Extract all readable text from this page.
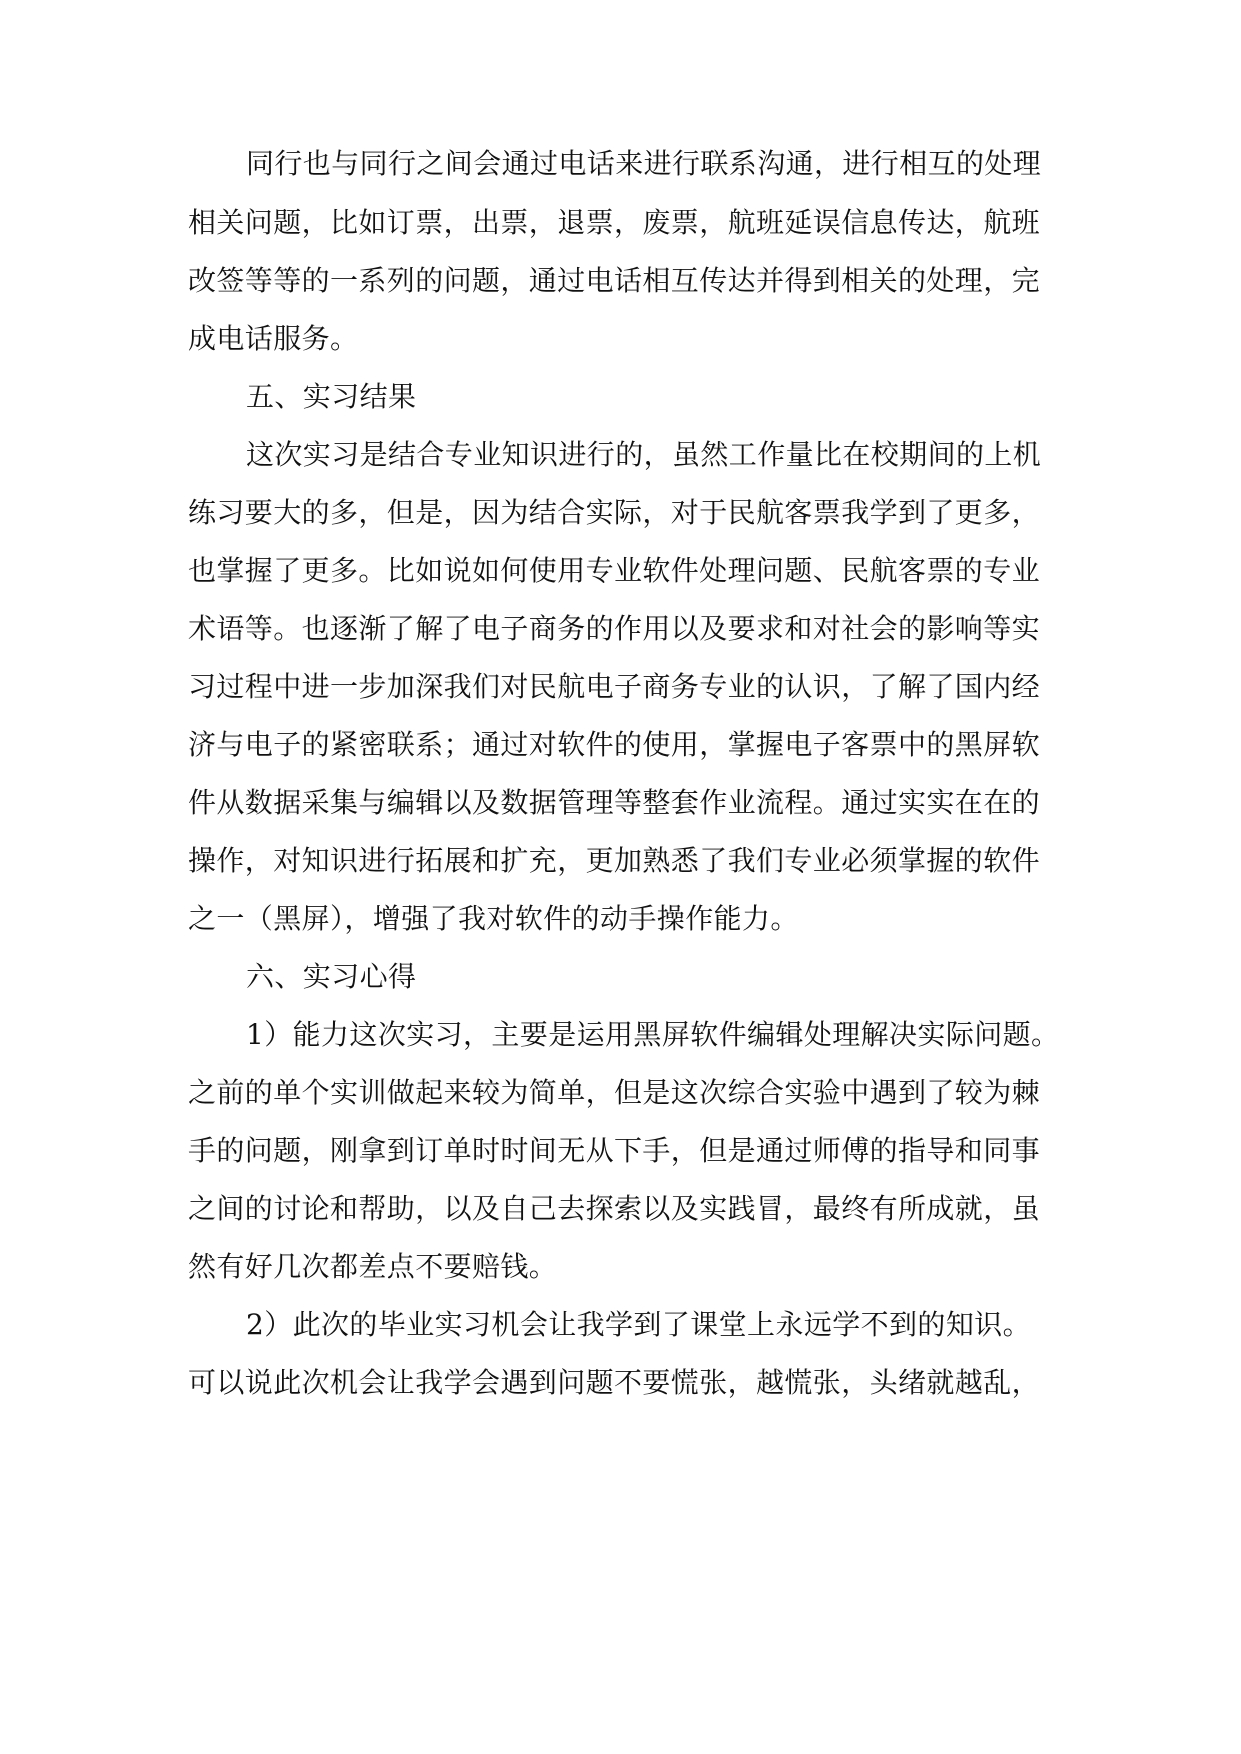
同行也与同行之间会通过电话来进行联系沟通，进行相互的处理
相关问题，比如订票，出票，退票，废票，航班延误信息传达，航班
改签等等的一系列的问题，通过电话相互传达并得到相关的处理，完
成电话服务。
五、实习结果
这次实习是结合专业知识进行的，虽然工作量比在校期间的上机
练习要大的多，但是，因为结合实际，对于民航客票我学到了更多，
也掌握了更多。比如说如何使用专业软件处理问题、民航客票的专业
术语等。也逐渐了解了电子商务的作用以及要求和对社会的影响等实
习过程中进一步加深我们对民航电子商务专业的认识，了解了国内经
济与电子的紧密联系；通过对软件的使用，掌握电子客票中的黑屏软
件从数据采集与编辑以及数据管理等整套作业流程。通过实实在在的
操作，对知识进行拓展和扩充，更加熟悉了我们专业必须掌握的软件
之一（黑屏），增强了我对软件的动手操作能力。
六、实习心得
1）能力这次实习，主要是运用黑屏软件编辑处理解决实际问题。
之前的单个实训做起来较为简单，但是这次综合实验中遇到了较为棘
手的问题，刚拿到订单时时间无从下手，但是通过师傅的指导和同事
之间的讨论和帮助，以及自己去探索以及实践冒，最终有所成就，虽
然有好几次都差点不要赔钱。
2）此次的毕业实习机会让我学到了课堂上永远学不到的知识。
可以说此次机会让我学会遇到问题不要慌张，越慌张，头绪就越乱，
